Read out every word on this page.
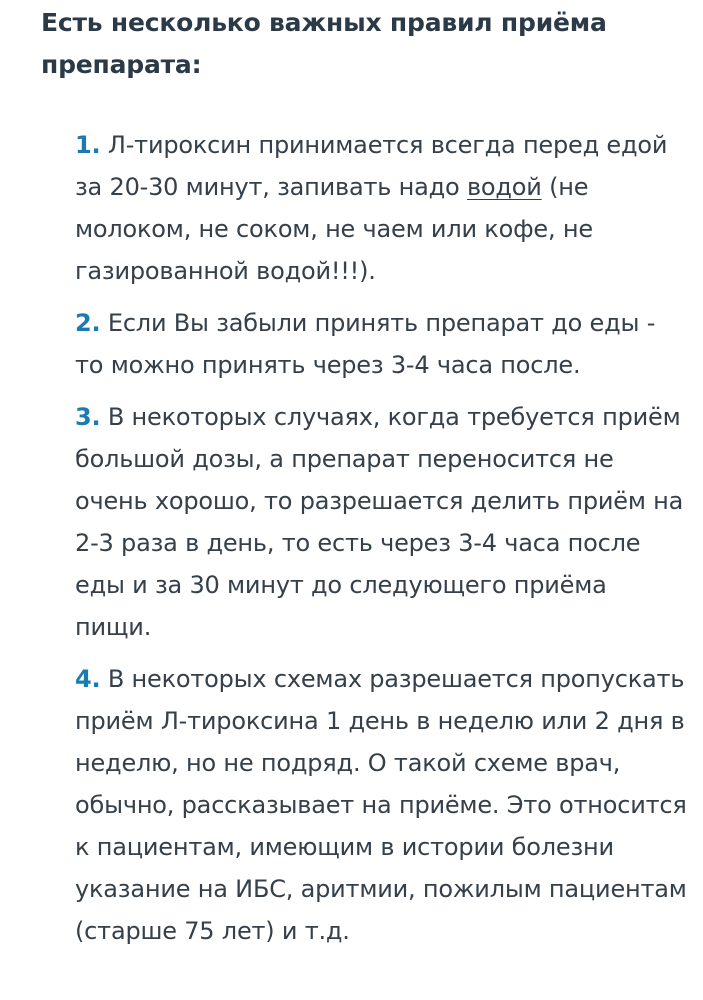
Есть несколько важных правил приёма препарата:
1. Л-тироксин принимается всегда перед едой за 20-30 минут, запивать надо водой (не молоком, не соком, не чаем или кофе, не газированной водой!!!).
2. Если Вы забыли принять препарат до еды - то можно принять через 3-4 часа после.
3. В некоторых случаях, когда требуется приём большой дозы, а препарат переносится не очень хорошо, то разрешается делить приём на 2-3 раза в день, то есть через 3-4 часа после еды и за 30 минут до следующего приёма пищи.
4. В некоторых схемах разрешается пропускать приём Л-тироксина 1 день в неделю или 2 дня в неделю, но не подряд. О такой схеме врач, обычно, рассказывает на приёме. Это относится к пациентам, имеющим в истории болезни указание на ИБС, аритмии, пожилым пациентам (старше 75 лет) и т.д.
